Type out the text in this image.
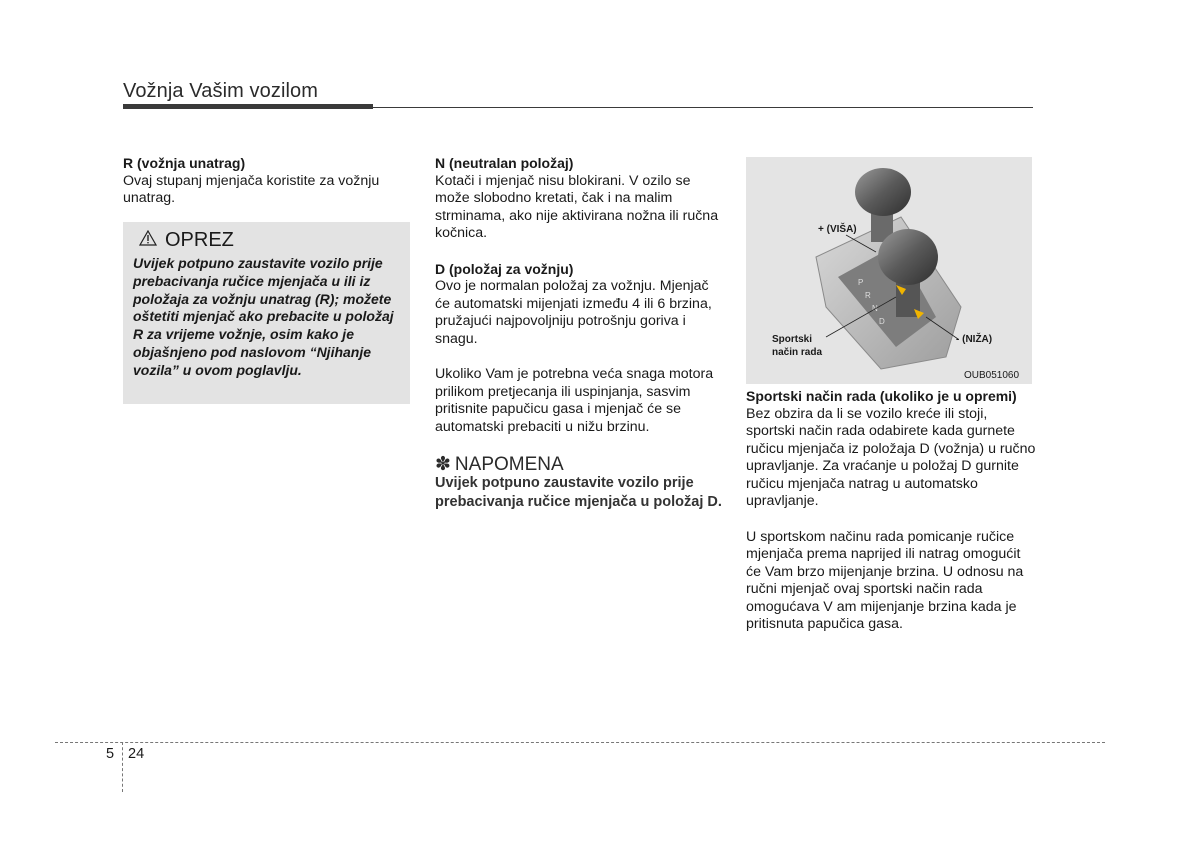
Vožnja Vašim vozilom

R (vožnja unatrag)

Ovaj stupanj mjenjača koristite za vožnju unatrag.

OPREZ
Uvijek potpuno zaustavite vozilo prije prebacivanja ručice mjenjača u ili iz položaja za vožnju unatrag (R); možete oštetiti mjenjač ako prebacite u položaj R za vrijeme vožnje, osim kako je objašnjeno pod naslovom “Njihanje vozila” u ovom poglavlju.

N (neutralan položaj)

Kotači i mjenjač nisu blokirani. V ozilo se može slobodno kretati, čak i na malim strminama, ako nije aktivirana nožna ili ručna kočnica.

D (položaj za vožnju)

Ovo je normalan položaj za vožnju. Mjenjač će automatski mijenjati između 4 ili 6 brzina, pružajući najpovoljniju potrošnju goriva i snagu.

Ukoliko Vam je potrebna veća snaga motora prilikom pretjecanja ili uspinjanja, sasvim pritisnite papučicu gasa i mjenjač će se automatski prebaciti u nižu brzinu.

✽ NAPOMENA
Uvijek potpuno zaustavite vozilo prije prebacivanja ručice mjenjača u položaj D.
P
R
N
D
+ (VIŠA)
Sportski
način rada
- (NIŽA)
OUB051060

Sportski način rada (ukoliko je u opremi)

Bez obzira da li se vozilo kreće ili stoji, sportski način rada odabirete kada gurnete ručicu mjenjača iz položaja D (vožnja) u ručno upravljanje. Za vraćanje u položaj D gurnite ručicu mjenjača natrag u automatsko upravljanje.

U sportskom načinu rada pomicanje ručice mjenjača prema naprijed ili natrag omogućit će Vam brzo mijenjanje brzina. U odnosu na ručni mjenjač ovaj sportski način rada omogućava V am mijenjanje brzina kada je pritisnuta papučica gasa.

5 24
